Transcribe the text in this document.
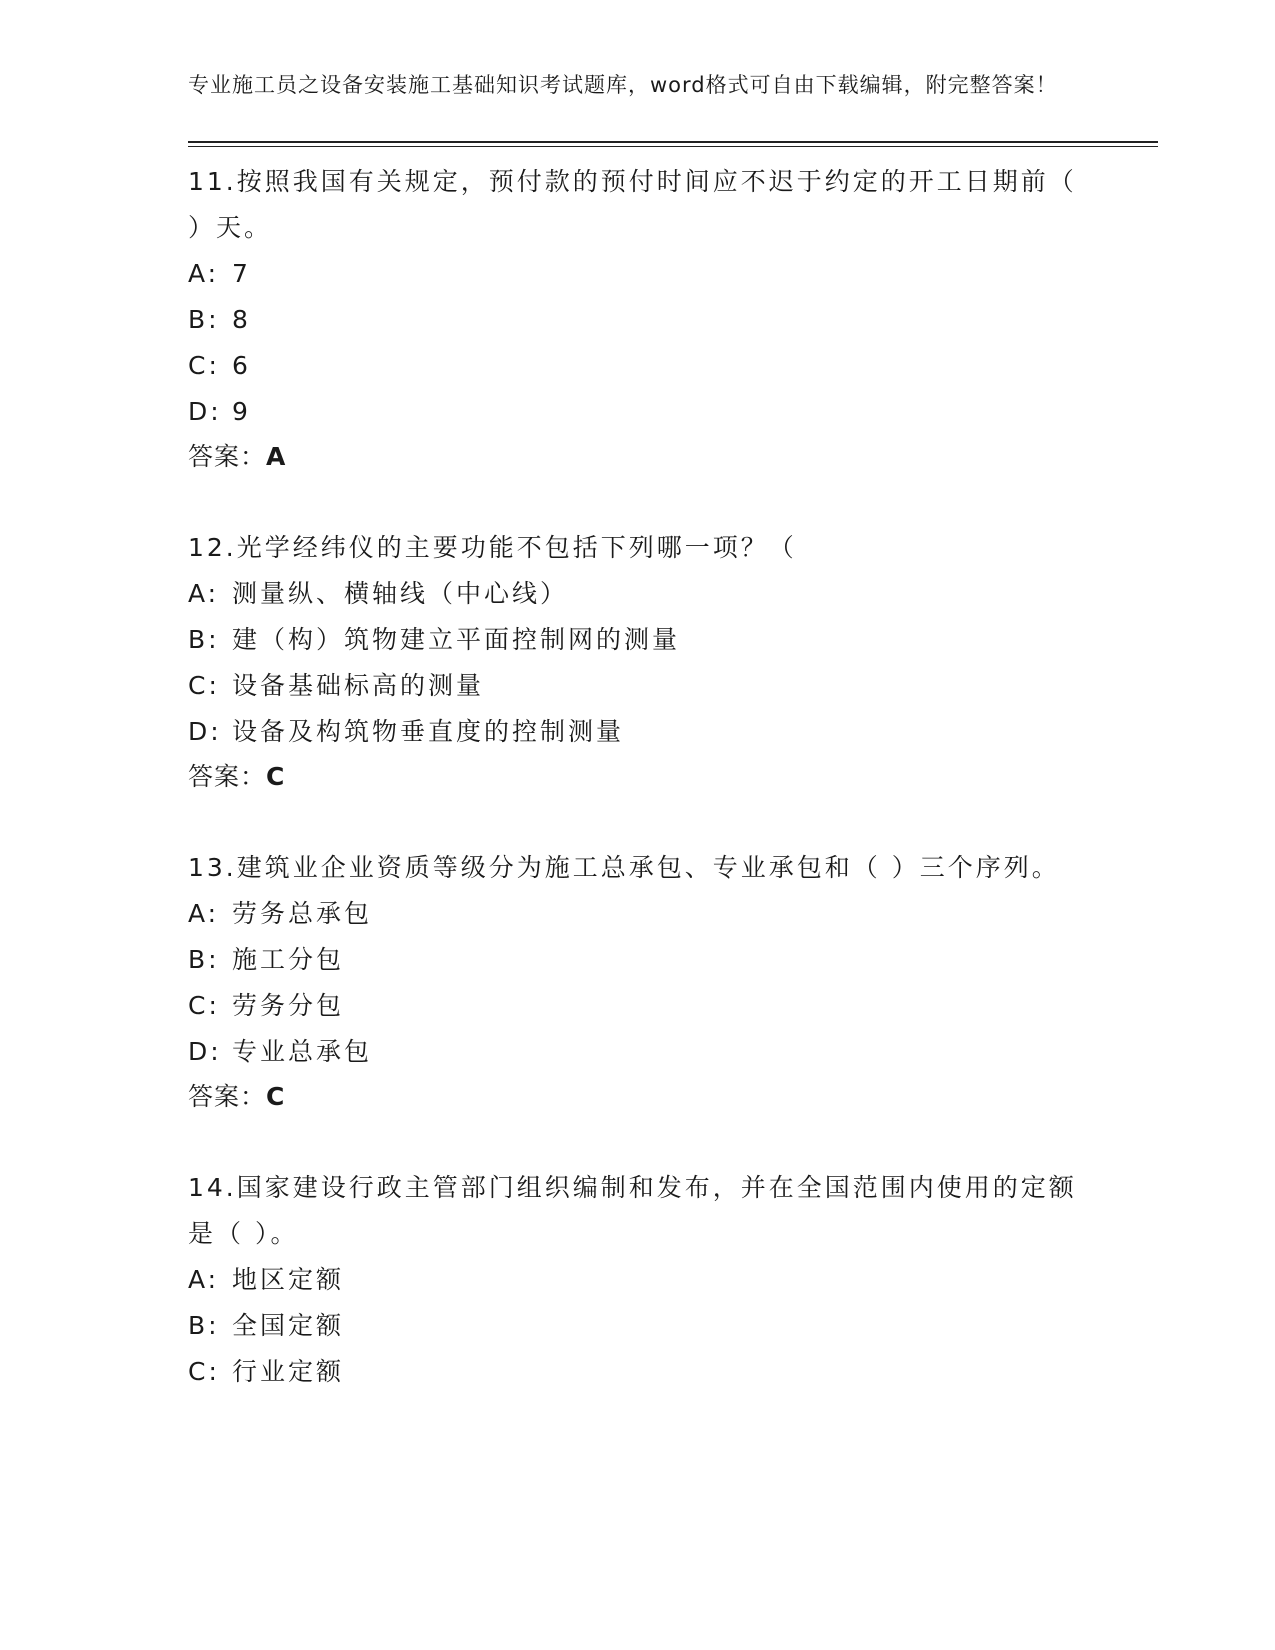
专业施工员之设备安装施工基础知识考试题库，word格式可自由下载编辑，附完整答案！

11.按照我国有关规定，预付款的预付时间应不迟于约定的开工日期前（ ）天。

A: 7

B: 8

C: 6

D: 9

答案：A

12.光学经纬仪的主要功能不包括下列哪一项？（

A: 测量纵、横轴线（中心线）

B: 建（构）筑物建立平面控制网的测量

C: 设备基础标高的测量

D: 设备及构筑物垂直度的控制测量

答案：C

13.建筑业企业资质等级分为施工总承包、专业承包和（ ）三个序列。

A: 劳务总承包

B: 施工分包

C: 劳务分包

D: 专业总承包

答案：C

14.国家建设行政主管部门组织编制和发布，并在全国范围内使用的定额是（ ）。

A: 地区定额

B: 全国定额

C: 行业定额
